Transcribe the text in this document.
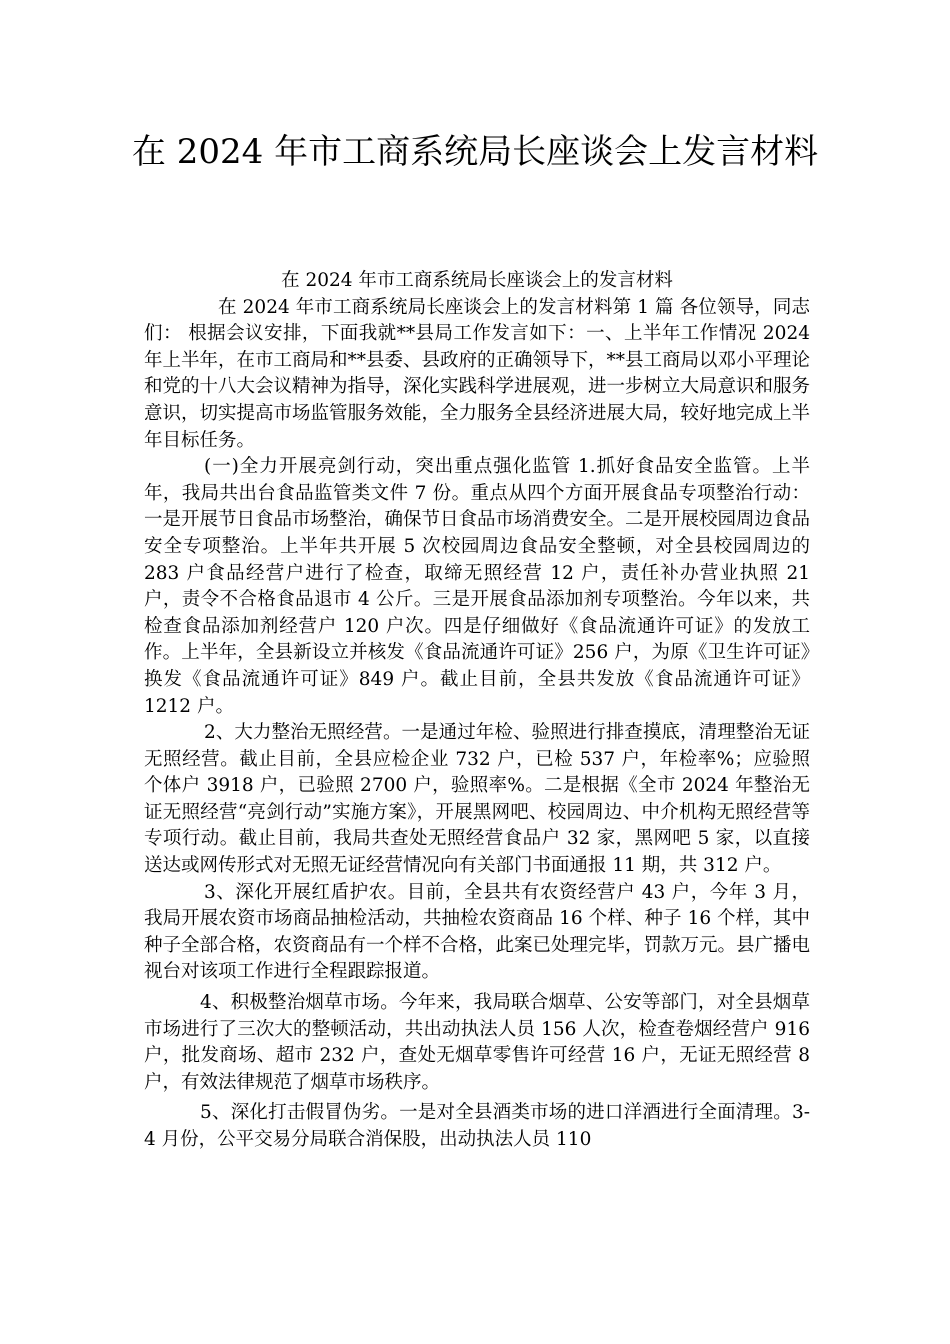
在 2024 年市工商系统局长座谈会上发言材料

在 2024 年市工商系统局长座谈会上的发言材料

在 2024 年市工商系统局长座谈会上的发言材料第 1 篇 各位领导，同志们： 根据会议安排，下面我就**县局工作发言如下：一、上半年工作情况 2024 年上半年，在市工商局和**县委、县政府的正确领导下，**县工商局以邓小平理论和党的十八大会议精神为指导，深化实践科学进展观，进一步树立大局意识和服务意识，切实提高市场监管服务效能，全力服务全县经济进展大局，较好地完成上半年目标任务。

(一)全力开展亮剑行动，突出重点强化监管 1.抓好食品安全监管。上半年，我局共出台食品监管类文件 7 份。重点从四个方面开展食品专项整治行动：一是开展节日食品市场整治，确保节日食品市场消费安全。二是开展校园周边食品安全专项整治。上半年共开展 5 次校园周边食品安全整顿，对全县校园周边的 283 户食品经营户进行了检查，取缔无照经营 12 户，责任补办营业执照 21 户，责令不合格食品退市 4 公斤。三是开展食品添加剂专项整治。今年以来，共检查食品添加剂经营户 120 户次。四是仔细做好《食品流通许可证》的发放工作。上半年，全县新设立并核发《食品流通许可证》256 户，为原《卫生许可证》换发《食品流通许可证》849 户。截止目前，全县共发放《食品流通许可证》1212 户。

2、大力整治无照经营。一是通过年检、验照进行排查摸底，清理整治无证无照经营。截止目前，全县应检企业 732 户，已检 537 户，年检率%；应验照个体户 3918 户，已验照 2700 户，验照率%。二是根据《全市 2024 年整治无证无照经营“亮剑行动”实施方案》，开展黑网吧、校园周边、中介机构无照经营等专项行动。截止目前，我局共查处无照经营食品户 32 家，黑网吧 5 家，以直接送达或网传形式对无照无证经营情况向有关部门书面通报 11 期，共 312 户。

3、深化开展红盾护农。目前，全县共有农资经营户 43 户，今年 3 月，我局开展农资市场商品抽检活动，共抽检农资商品 16 个样、种子 16 个样，其中种子全部合格，农资商品有一个样不合格，此案已处理完毕，罚款万元。县广播电视台对该项工作进行全程跟踪报道。

4、积极整治烟草市场。今年来，我局联合烟草、公安等部门，对全县烟草市场进行了三次大的整顿活动，共出动执法人员 156 人次，检查卷烟经营户 916 户，批发商场、超市 232 户，查处无烟草零售许可经营 16 户，无证无照经营 8 户，有效法律规范了烟草市场秩序。

5、深化打击假冒伪劣。一是对全县酒类市场的进口洋酒进行全面清理。3-4 月份，公平交易分局联合消保股，出动执法人员 110
